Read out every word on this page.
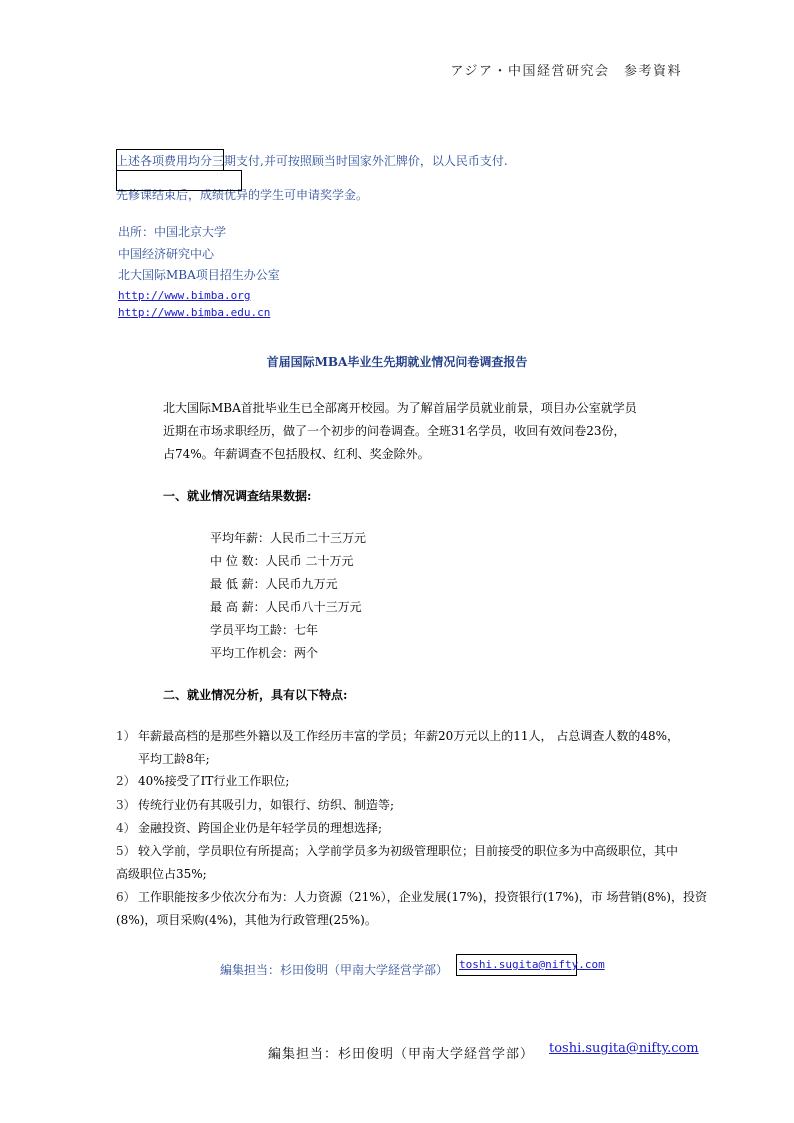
アジア・中国経営研究会　参考資料
上述各项费用均分三期支付,并可按照顾当时国家外汇牌价，以人民币支付.
先修课结束后，成绩优异的学生可申请奖学金。
出所：中国北京大学
中国经济研究中心
北大国际MBA项目招生办公室
http://www.bimba.org
http://www.bimba.edu.cn
首届国际MBA毕业生先期就业情况问卷调查报告
北大国际MBA首批毕业生已全部离开校园。为了解首届学员就业前景，项目办公室就学员
近期在市场求职经历，做了一个初步的问卷调查。全班31名学员，收回有效问卷23份，
占74%。年薪调查不包括股权、红利、奖金除外。
一、就业情况调查结果数据:
平均年薪：人民币二十三万元
中 位 数：人民币 二十万元
最 低 薪：人民币九万元
最 高 薪：人民币八十三万元
学员平均工龄：七年
平均工作机会：两个
二、就业情况分析，具有以下特点:
1） 年薪最高档的是那些外籍以及工作经历丰富的学员；年薪20万元以上的11人， 占总调查人数的48%，
平均工龄8年;
2） 40%接受了IT行业工作职位;
3） 传统行业仍有其吸引力，如银行、纺织、制造等;
4） 金融投资、跨国企业仍是年轻学员的理想选择;
5） 较入学前，学员职位有所提高；入学前学员多为初级管理职位；目前接受的职位多为中高级职位，其中
高级职位占35%;
6） 工作职能按多少依次分布为：人力资源（21%），企业发展(17%)，投资银行(17%)，市 场营销(8%)，投资
(8%)，项目采购(4%)，其他为行政管理(25%)。
編集担当：杉田俊明（甲南大学経営学部） toshi.sugita@nifty.com
編集担当：杉田俊明（甲南大学経営学部） toshi.sugita@nifty.com
